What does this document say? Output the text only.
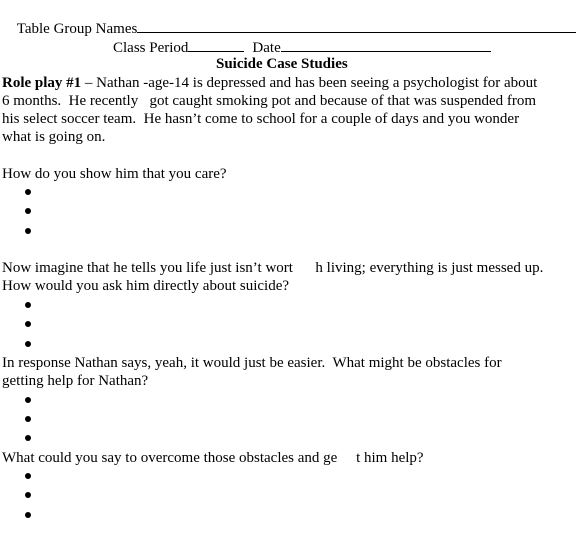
Table Group Names

Class Period	Date

Suicide Case Studies
Role play #1 – Nathan -age-14 is depressed and has been seeing a psychologist for about
6 months.  He recently   got caught smoking pot and because of that was suspended from
his select soccer team.  He hasn’t come to school for a couple of days and you wonder
what is going on.
How do you show him that you care?
Now imagine that he tells you life just isn’t wort      h living; everything is just messed up.
How would you ask him directly about suicide?
In response Nathan says, yeah, it would just be easier.  What might be obstacles for
getting help for Nathan?
What could you say to overcome those obstacles and ge     t him help?
